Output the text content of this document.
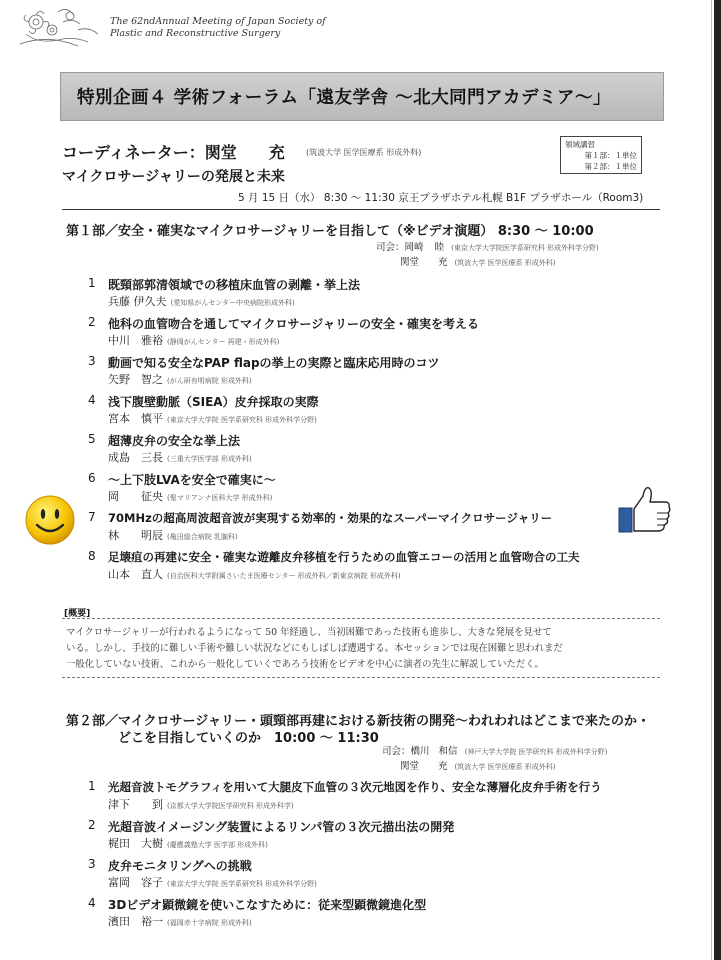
The 62ndAnnual Meeting of Japan Society of
Plastic and Reconstructive Surgery
特別企画４ 学術フォーラム「遠友学舎 〜北大同門アカデミア〜」
コーディネーター：関堂　　充	(筑波大学 医学医療系 形成外科)
領域講習
第１部：１単位
第２部：１単位
マイクロサージャリーの発展と未来
5 月 15 日（水） 8:30 〜 11:30 京王プラザホテル札幌 B1F プラザホール（Room3)
第１部／安全・確実なマイクロサージャリーを目指して（※ビデオ演題） 8:30 〜 10:00
司会：岡崎 睦 (東京大学大学院医学系研究科 形成外科学分野)
関堂　　充 (筑波大学 医学医療系 形成外科)
1	既頸部郭清領域での移植床血管の剥離・挙上法
兵藤 伊久夫 (愛知県がんセンター中央病院形成外科)
2	他科の血管吻合を通してマイクロサージャリーの安全・確実を考える
中川　雅裕 (静岡がんセンター 再建・形成外科)
3	動画で知る安全なPAP flapの挙上の実際と臨床応用時のコツ
矢野　智之 (がん研有明病院 形成外科)
4	浅下腹壁動脈（SIEA）皮弁採取の実際
宮本　慎平 (東京大学大学院 医学系研究科 形成外科学分野)
5	超薄皮弁の安全な挙上法
成島　三長 (三重大学医学部 形成外科)
6	〜上下肢LVAを安全で確実に〜
岡　　征央 (聖マリアンナ医科大学 形成外科)
7	70MHzの超高周波超音波が実現する効率的・効果的なスーパーマイクロサージャリー
林　　明辰 (亀田総合病院 乳腺科)
8	足壊疽の再建に安全・確実な遊離皮弁移植を行うための血管エコーの活用と血管吻合の工夫
山本　直人 (自治医科大学附属さいたま医療センター 形成外科／新東京病院 形成外科)
[概要]
マイクロサージャリーが行われるようになって 50 年経過し、当初困難であった技術も進歩し、大きな発展を見せて
いる。しかし、手技的に難しい手術や難しい状況などにもしばしば遭遇する。本セッションでは現在困難と思われまだ
一般化していない技術、これから一般化していくであろう技術をビデオを中心に演者の先生に解説していただく。
第２部／マイクロサージャリー・頭頸部再建における新技術の開発〜われわれはどこまで来たのか・
どこを目指していくのか　10:00 〜 11:30
司会：橋川 和信 (神戸大学大学院 医学研究科 形成外科学分野)
関堂　　充 (筑波大学 医学医療系 形成外科)
1	光超音波トモグラフィを用いて大腿皮下血管の３次元地図を作り、安全な薄層化皮弁手術を行う
津下　　到 (京都大学大学院医学研究科 形成外科学)
2	光超音波イメージング装置によるリンパ管の３次元描出法の開発
梶田　大樹 (慶應義塾大学 医学部 形成外科)
3	皮弁モニタリングへの挑戦
富岡　容子 (東京大学大学院 医学系研究科 形成外科学分野)
4	3Dビデオ顕微鏡を使いこなすために：従来型顕微鏡進化型
濱田　裕一 (福岡赤十字病院 形成外科)
